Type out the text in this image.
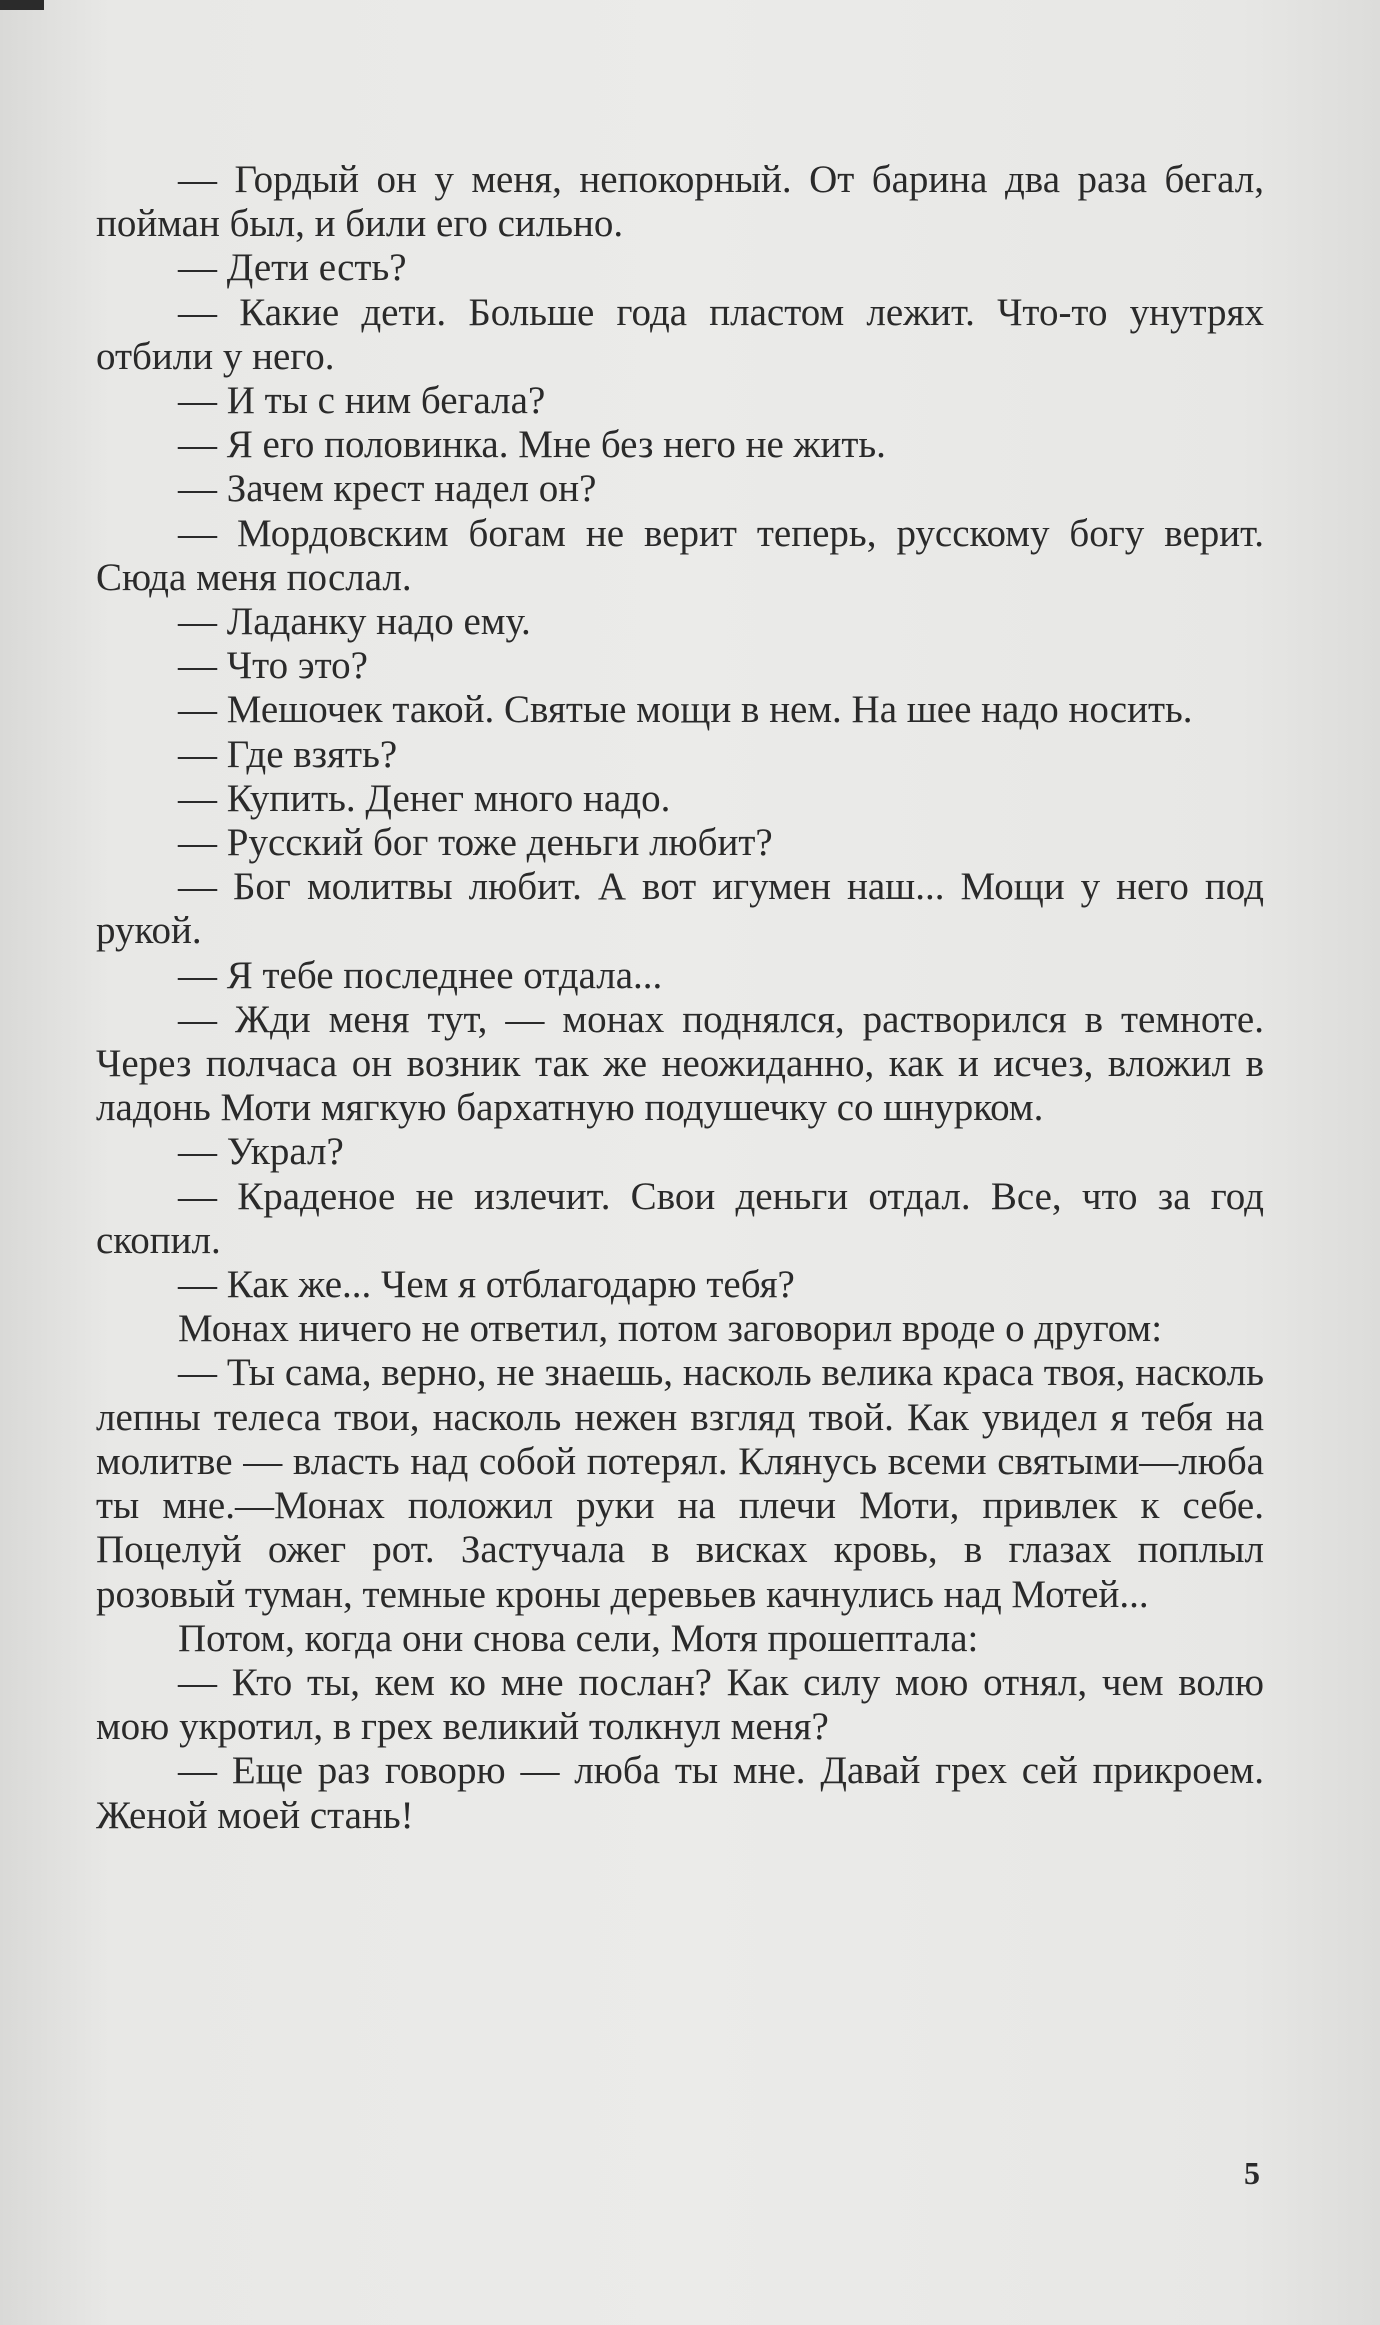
— Гордый он у меня, непокорный. От барина два раза бегал, пойман был, и били его сильно.

— Дети есть?

— Какие дети. Больше года пластом лежит. Что-то унутрях отбили у него.

— И ты с ним бегала?

— Я его половинка. Мне без него не жить.

— Зачем крест надел он?

— Мордовским богам не верит теперь, русскому богу верит. Сюда меня послал.

— Ладанку надо ему.

— Что это?

— Мешочек такой. Святые мощи в нем. На шее надо носить.

— Где взять?

— Купить. Денег много надо.

— Русский бог тоже деньги любит?

— Бог молитвы любит. А вот игумен наш... Мощи у него под рукой.

— Я тебе последнее отдала...

— Жди меня тут, — монах поднялся, растворился в темноте. Через полчаса он возник так же неожиданно, как и исчез, вложил в ладонь Моти мягкую бархатную подушечку со шнурком.

— Украл?

— Краденое не излечит. Свои деньги отдал. Все, что за год скопил.

— Как же... Чем я отблагодарю тебя?

Монах ничего не ответил, потом заговорил вроде о другом:

— Ты сама, верно, не знаешь, насколь велика краса твоя, насколь лепны телеса твои, насколь нежен взгляд твой. Как увидел я тебя на молитве — власть над собой потерял. Клянусь всеми святыми—люба ты мне.—Монах положил руки на плечи Моти, привлек к себе. Поцелуй ожег рот. Застучала в висках кровь, в глазах поплыл розовый туман, темные кроны деревьев качнулись над Мотей...

Потом, когда они снова сели, Мотя прошептала:

— Кто ты, кем ко мне послан? Как силу мою отнял, чем волю мою укротил, в грех великий толкнул меня?

— Еще раз говорю — люба ты мне. Давай грех сей прикроем. Женой моей стань!

5
